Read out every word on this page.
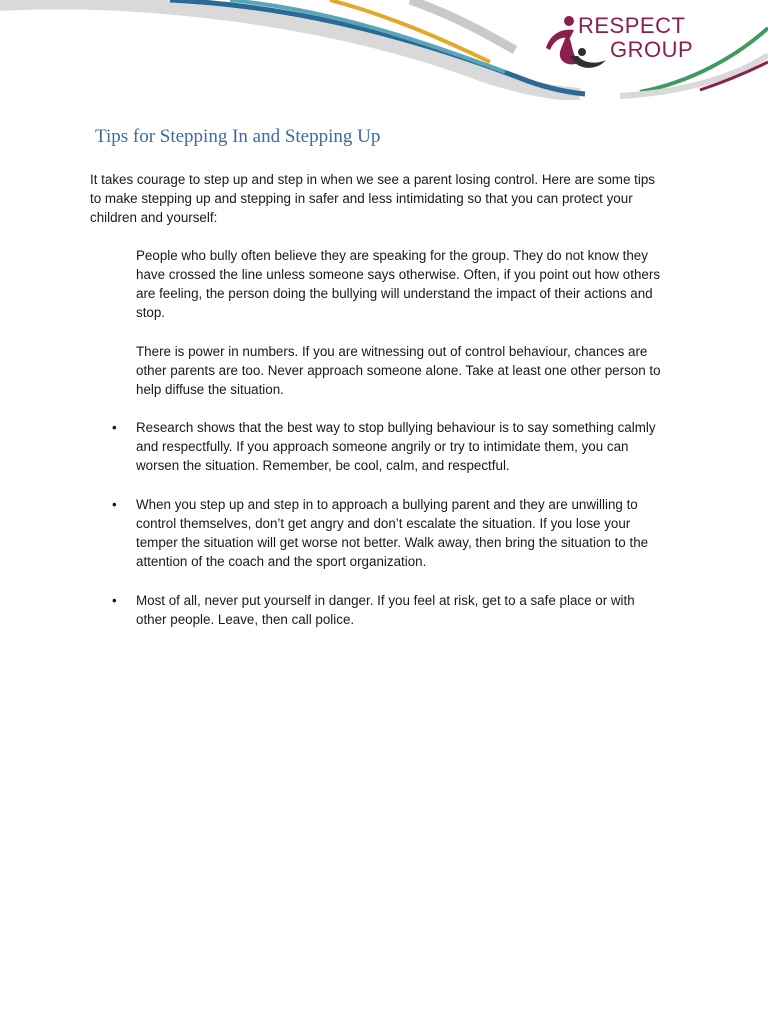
RESPECT
GROUP
Tips for Stepping In and Stepping Up

It takes courage to step up and step in when we see a parent losing control. Here are some tips to make stepping up and stepping in safer and less intimidating so that you can protect your children and yourself:

People who bully often believe they are speaking for the group. They do not know they have crossed the line unless someone says otherwise. Often, if you point out how others are feeling, the person doing the bullying will understand the impact of their actions and stop.

There is power in numbers. If you are witnessing out of control behaviour, chances are other parents are too. Never approach someone alone. Take at least one other person to help diffuse the situation.

• Research shows that the best way to stop bullying behaviour is to say something calmly and respectfully. If you approach someone angrily or try to intimidate them, you can worsen the situation. Remember, be cool, calm, and respectful.

• When you step up and step in to approach a bullying parent and they are unwilling to control themselves, don’t get angry and don’t escalate the situation. If you lose your temper the situation will get worse not better. Walk away, then bring the situation to the attention of the coach and the sport organization.

• Most of all, never put yourself in danger. If you feel at risk, get to a safe place or with other people. Leave, then call police.
